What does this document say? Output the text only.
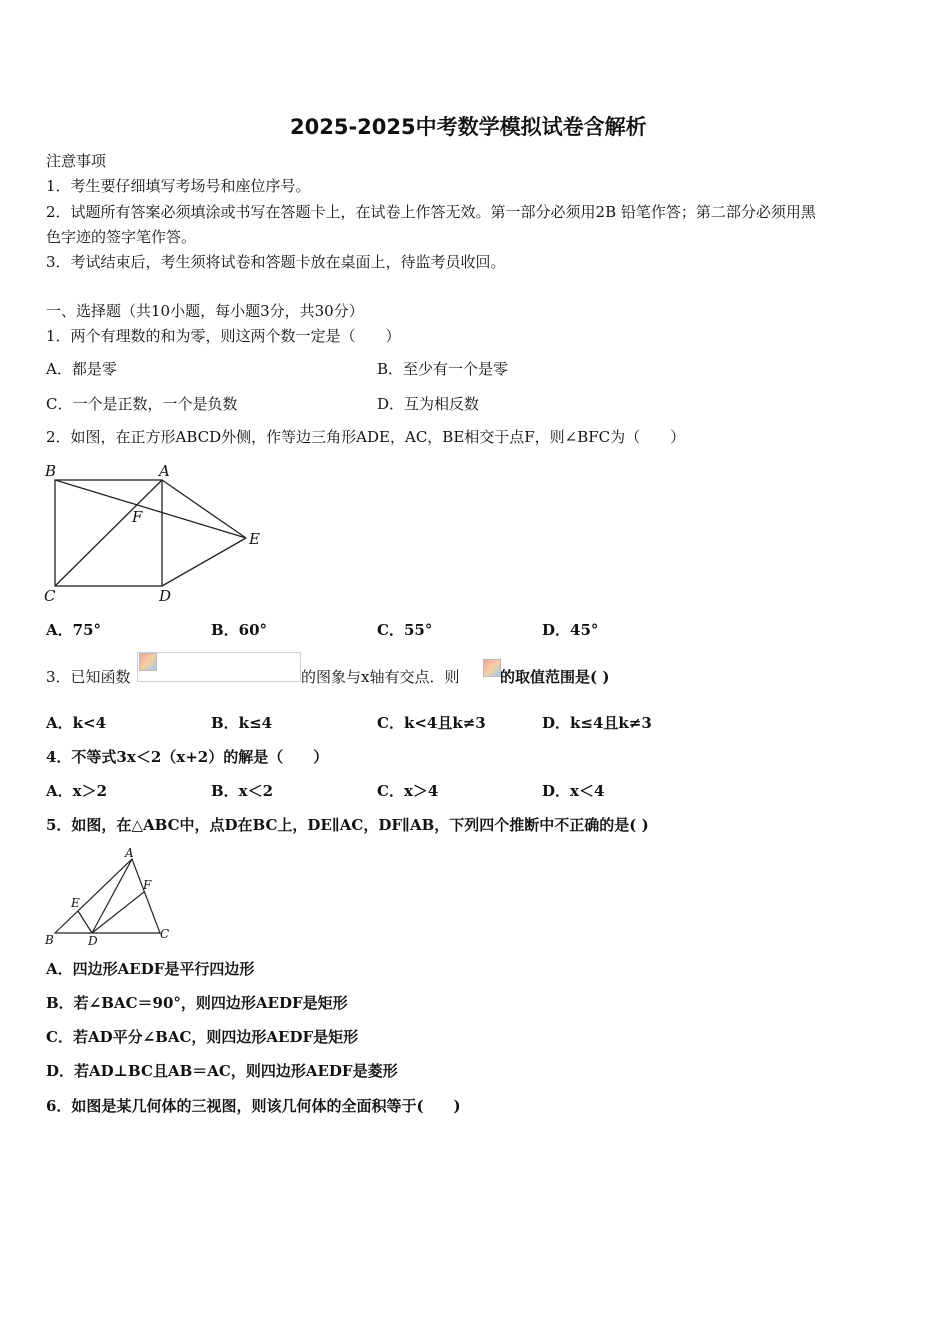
2025-2025中考数学模拟试卷含解析
注意事项
1．考生要仔细填写考场号和座位序号。
2．试题所有答案必须填涂或书写在答题卡上，在试卷上作答无效。第一部分必须用2B 铅笔作答；第二部分必须用黑
色字迹的签字笔作答。
3．考试结束后，考生须将试卷和答题卡放在桌面上，待监考员收回。
一、选择题（共10小题，每小题3分，共30分）
1．两个有理数的和为零，则这两个数一定是（　　）
A．都是零	B．至少有一个是零
C．一个是正数，一个是负数	D．互为相反数
2．如图，在正方形ABCD外侧，作等边三角形ADE，AC，BE相交于点F，则∠BFC为（　　）
B	A
F
E
C	D
A．75°	B．60°	C．55°	D．45°
3．已知函数	的图象与x轴有交点．则	的取值范围是( )
A．k<4	B．k≤4	C．k<4且k≠3	D．k≤4且k≠3
4．不等式3x＜2（x+2）的解是（　　）
A．x＞2	B．x＜2	C．x＞4	D．x＜4
5．如图，在△ABC中，点D在BC上，DE∥AC，DF∥AB，下列四个推断中不正确的是( )
A
F
E
B	D	C
A．四边形AEDF是平行四边形
B．若∠BAC＝90°，则四边形AEDF是矩形
C．若AD平分∠BAC，则四边形AEDF是矩形
D．若AD⊥BC且AB＝AC，则四边形AEDF是菱形
6．如图是某几何体的三视图，则该几何体的全面积等于(　　)
